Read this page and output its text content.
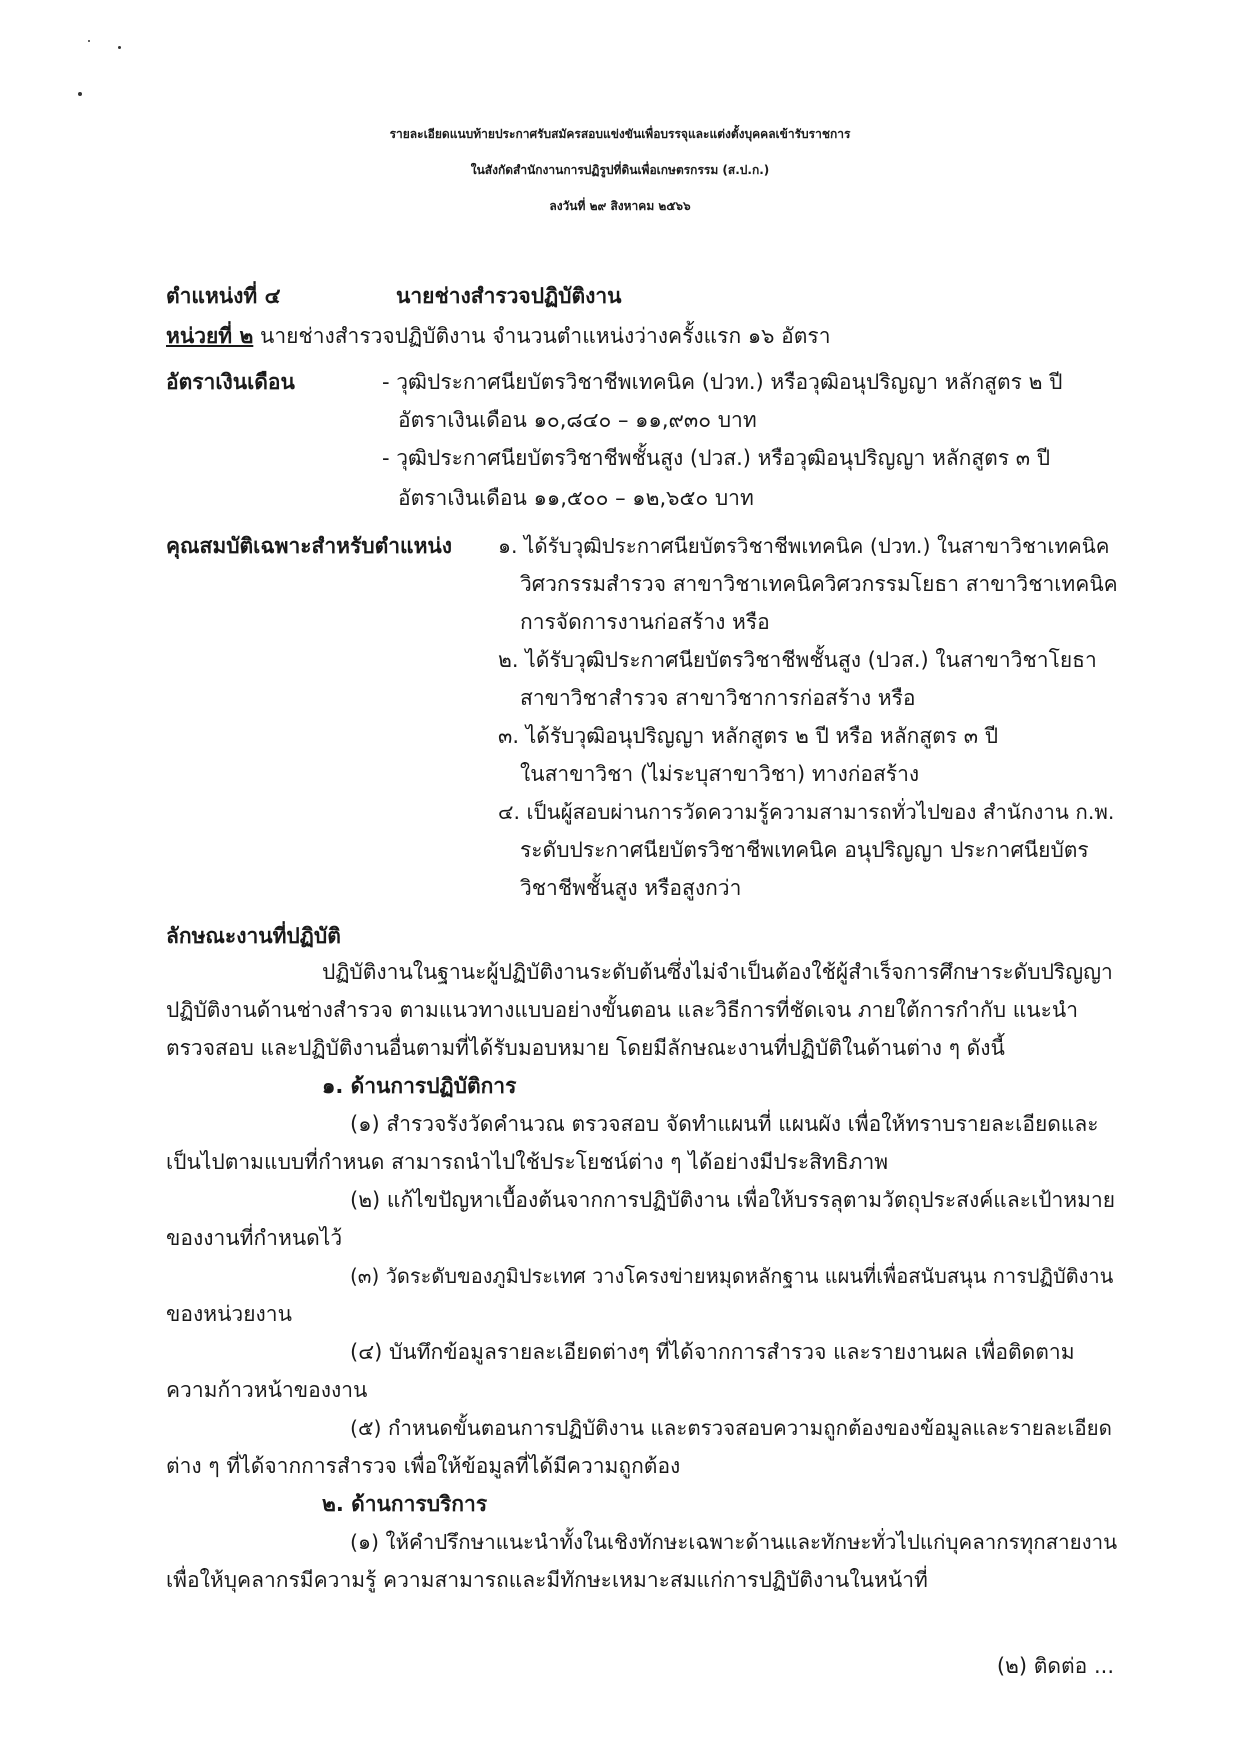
รายละเอียดแนบท้ายประกาศรับสมัครสอบแข่งขันเพื่อบรรจุและแต่งตั้งบุคคลเข้ารับราชการ
ในสังกัดสำนักงานการปฏิรูปที่ดินเพื่อเกษตรกรรม (ส.ป.ก.)
ลงวันที่ ๒๙ สิงหาคม ๒๕๖๖
ตำแหน่งที่ ๔	นายช่างสำรวจปฏิบัติงาน
หน่วยที่ ๒ นายช่างสำรวจปฏิบัติงาน จำนวนตำแหน่งว่างครั้งแรก ๑๖ อัตรา
อัตราเงินเดือน	- วุฒิประกาศนียบัตรวิชาชีพเทคนิค (ปวท.) หรือวุฒิอนุปริญญา หลักสูตร ๒ ปี
อัตราเงินเดือน ๑๐,๘๔๐ – ๑๑,๙๓๐ บาท
- วุฒิประกาศนียบัตรวิชาชีพชั้นสูง (ปวส.) หรือวุฒิอนุปริญญา หลักสูตร ๓ ปี
อัตราเงินเดือน ๑๑,๕๐๐ – ๑๒,๖๕๐ บาท
คุณสมบัติเฉพาะสำหรับตำแหน่ง ๑. ได้รับวุฒิประกาศนียบัตรวิชาชีพเทคนิค (ปวท.) ในสาขาวิชาเทคนิค
วิศวกรรมสำรวจ สาขาวิชาเทคนิควิศวกรรมโยธา สาขาวิชาเทคนิค
การจัดการงานก่อสร้าง หรือ
๒. ได้รับวุฒิประกาศนียบัตรวิชาชีพชั้นสูง (ปวส.) ในสาขาวิชาโยธา
สาขาวิชาสำรวจ สาขาวิชาการก่อสร้าง หรือ
๓. ได้รับวุฒิอนุปริญญา หลักสูตร ๒ ปี หรือ หลักสูตร ๓ ปี
ในสาขาวิชา (ไม่ระบุสาขาวิชา) ทางก่อสร้าง
๔. เป็นผู้สอบผ่านการวัดความรู้ความสามารถทั่วไปของ สำนักงาน ก.พ.
ระดับประกาศนียบัตรวิชาชีพเทคนิค อนุปริญญา ประกาศนียบัตร
วิชาชีพชั้นสูง หรือสูงกว่า
ลักษณะงานที่ปฏิบัติ
ปฏิบัติงานในฐานะผู้ปฏิบัติงานระดับต้นซึ่งไม่จำเป็นต้องใช้ผู้สำเร็จการศึกษาระดับปริญญา
ปฏิบัติงานด้านช่างสำรวจ ตามแนวทางแบบอย่างขั้นตอน และวิธีการที่ชัดเจน ภายใต้การกำกับ แนะนำ
ตรวจสอบ และปฏิบัติงานอื่นตามที่ได้รับมอบหมาย โดยมีลักษณะงานที่ปฏิบัติในด้านต่าง ๆ ดังนี้
๑. ด้านการปฏิบัติการ
(๑) สำรวจรังวัดคำนวณ ตรวจสอบ จัดทำแผนที่ แผนผัง เพื่อให้ทราบรายละเอียดและ
เป็นไปตามแบบที่กำหนด สามารถนำไปใช้ประโยชน์ต่าง ๆ ได้อย่างมีประสิทธิภาพ
(๒) แก้ไขปัญหาเบื้องต้นจากการปฏิบัติงาน เพื่อให้บรรลุตามวัตถุประสงค์และเป้าหมาย
ของงานที่กำหนดไว้
(๓) วัดระดับของภูมิประเทศ วางโครงข่ายหมุดหลักฐาน แผนที่เพื่อสนับสนุน การปฏิบัติงาน
ของหน่วยงาน
(๔) บันทึกข้อมูลรายละเอียดต่างๆ ที่ได้จากการสำรวจ และรายงานผล เพื่อติดตาม
ความก้าวหน้าของงาน
(๕) กำหนดขั้นตอนการปฏิบัติงาน และตรวจสอบความถูกต้องของข้อมูลและรายละเอียด
ต่าง ๆ ที่ได้จากการสำรวจ เพื่อให้ข้อมูลที่ได้มีความถูกต้อง
๒. ด้านการบริการ
(๑) ให้คำปรึกษาแนะนำทั้งในเชิงทักษะเฉพาะด้านและทักษะทั่วไปแก่บุคลากรทุกสายงาน
เพื่อให้บุคลากรมีความรู้ ความสามารถและมีทักษะเหมาะสมแก่การปฏิบัติงานในหน้าที่
(๒) ติดต่อ ...
